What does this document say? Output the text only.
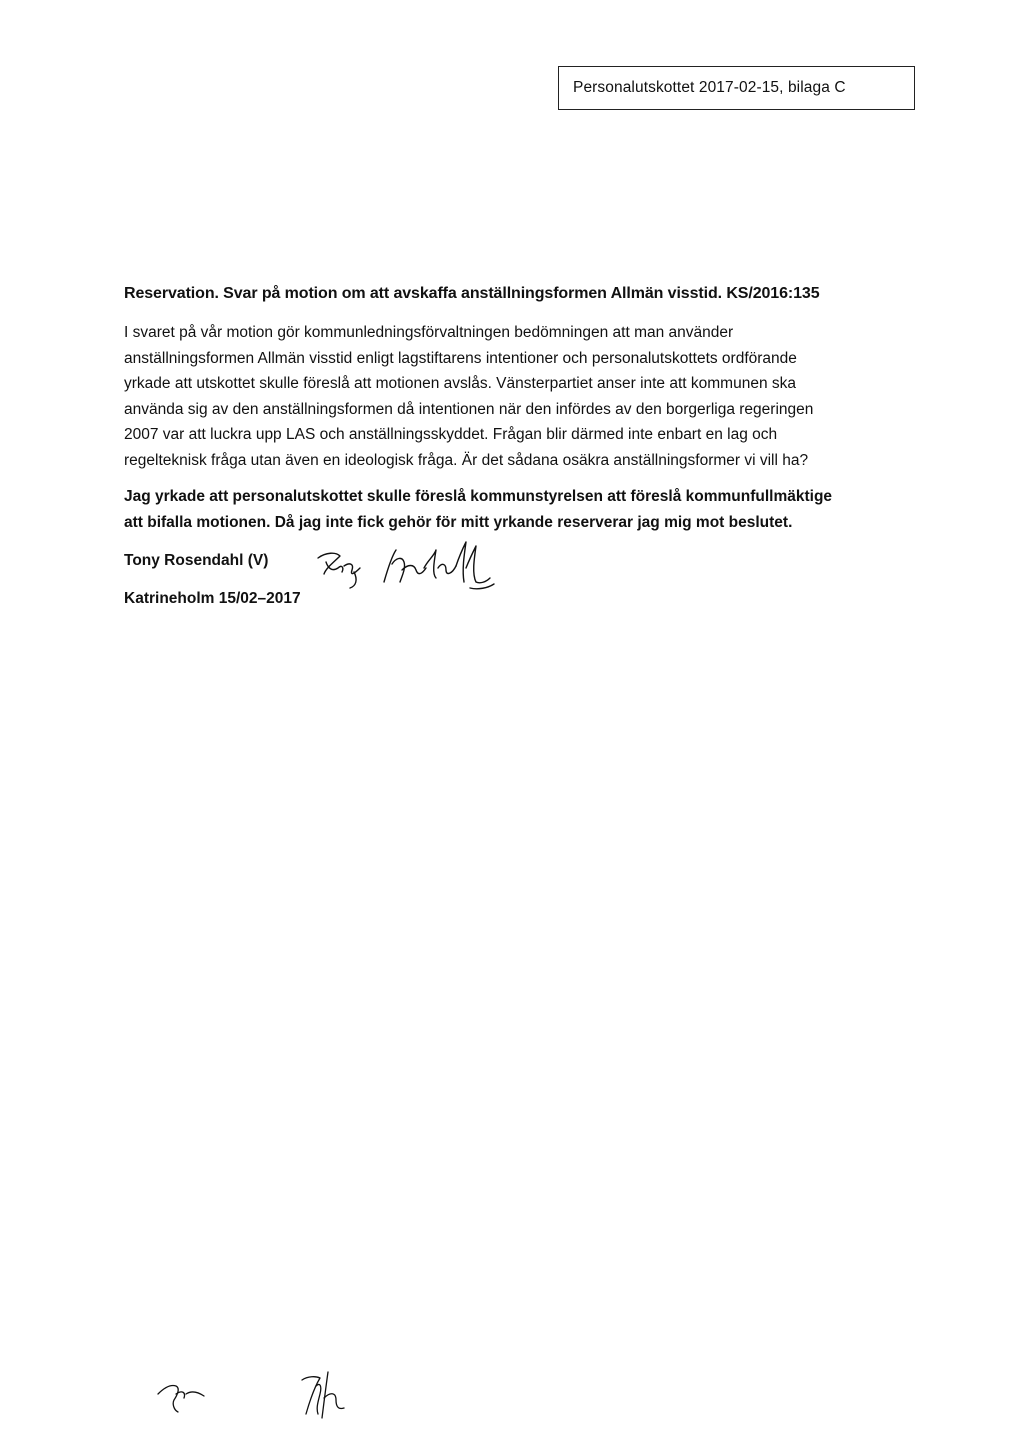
Personalutskottet 2017-02-15, bilaga C
Reservation. Svar på motion om att avskaffa anställningsformen Allmän visstid. KS/2016:135

I svaret på vår motion gör kommunledningsförvaltningen bedömningen att man använder
anställningsformen Allmän visstid enligt lagstiftarens intentioner och personalutskottets ordförande
yrkade att utskottet skulle föreslå att motionen avslås. Vänsterpartiet anser inte att kommunen ska
använda sig av den anställningsformen då intentionen när den infördes av den borgerliga regeringen
2007 var att luckra upp LAS och anställningsskyddet. Frågan blir därmed inte enbart en lag och
regelteknisk fråga utan även en ideologisk fråga. Är det sådana osäkra anställningsformer vi vill ha?

Jag yrkade att personalutskottet skulle föreslå kommunstyrelsen att föreslå kommunfullmäktige
att bifalla motionen. Då jag inte fick gehör för mitt yrkande reserverar jag mig mot beslutet.

Tony Rosendahl (V)
Katrineholm 15/02–2017
